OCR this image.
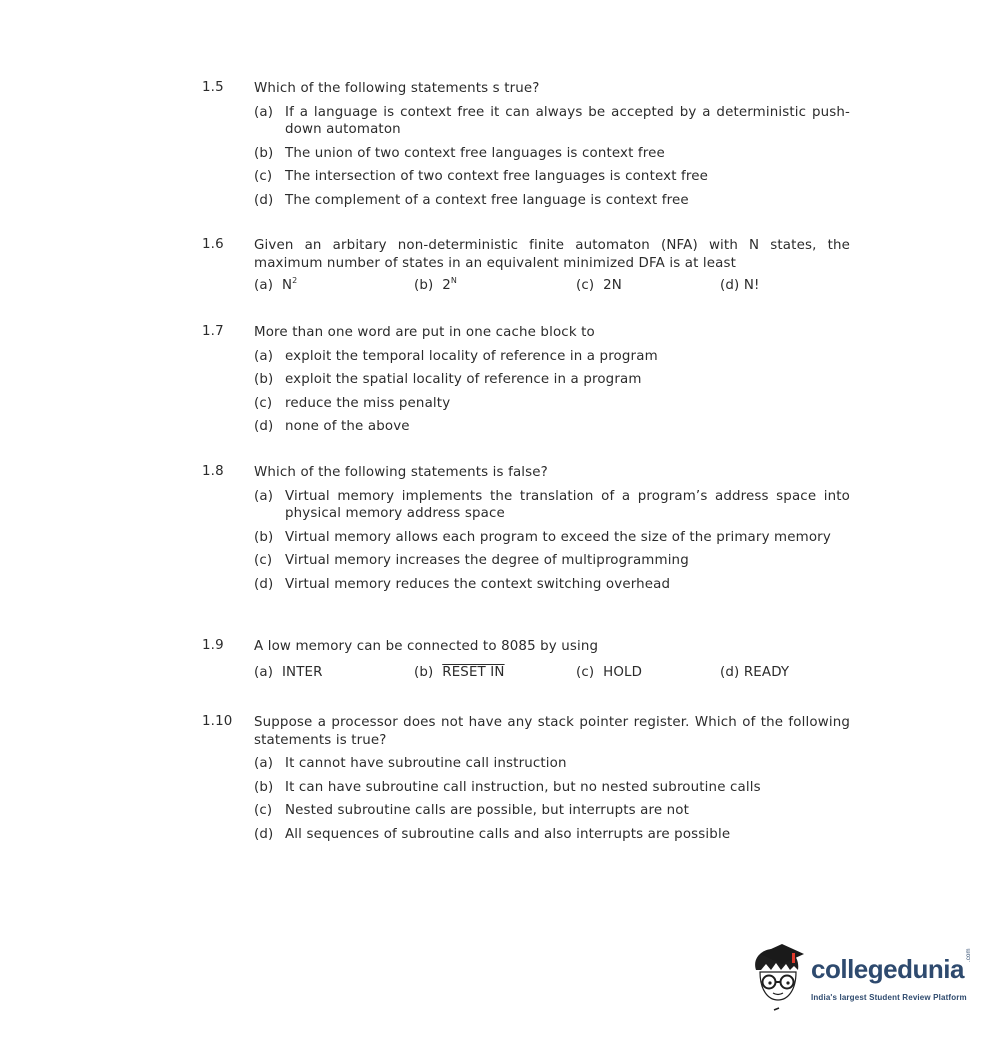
1.5 Which of the following statements s true?
(a) If a language is context free it can always be accepted by a deterministic push-down automaton
(b) The union of two context free languages is context free
(c) The intersection of two context free languages is context free
(d) The complement of a context free language is context free
1.6 Given an arbitary non-deterministic finite automaton (NFA) with N states, the maximum number of states in an equivalent minimized DFA is at least
(a) $N^2$	(b) $2^N$	(c) 2N	(d) N!
1.7 More than one word are put in one cache block to
(a) exploit the temporal locality of reference in a program
(b) exploit the spatial locality of reference in a program
(c) reduce the miss penalty
(d) none of the above
1.8 Which of the following statements is false?
(a) Virtual memory implements the translation of a program’s address space into physical memory address space
(b) Virtual memory allows each program to exceed the size of the primary memory
(c) Virtual memory increases the degree of multiprogramming
(d) Virtual memory reduces the context switching overhead
1.9 A low memory can be connected to 8085 by using
(a) INTER	(b) RESET IN	(c) HOLD	(d) READY
1.10 Suppose a processor does not have any stack pointer register. Which of the following statements is true?
(a) It cannot have subroutine call instruction
(b) It can have subroutine call instruction, but no nested subroutine calls
(c) Nested subroutine calls are possible, but interrupts are not
(d) All sequences of subroutine calls and also interrupts are possible
collegedunia .com
India's largest Student Review Platform
